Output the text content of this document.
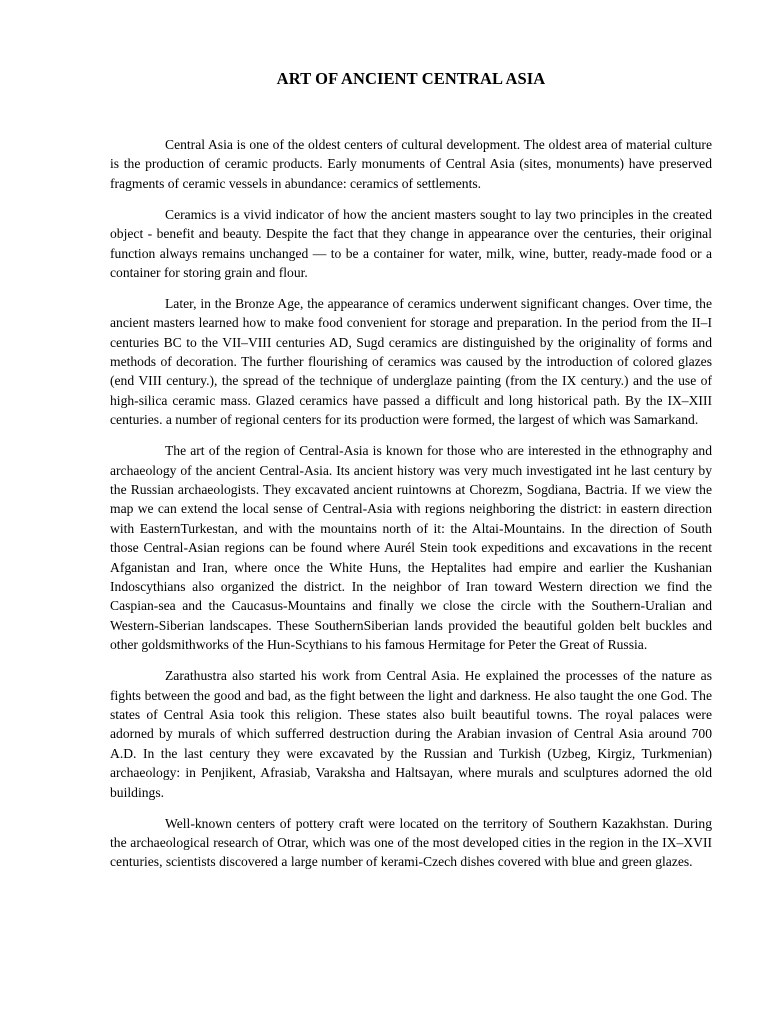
ART OF ANCIENT CENTRAL ASIA

Central Asia is one of the oldest centers of cultural development. The oldest area of material culture is the production of ceramic products. Early monuments of Central Asia (sites, monuments) have preserved fragments of ceramic vessels in abundance: ceramics of settlements.

Ceramics is a vivid indicator of how the ancient masters sought to lay two principles in the created object - benefit and beauty. Despite the fact that they change in appearance over the centuries, their original function always remains unchanged — to be a container for water, milk, wine, butter, ready-made food or a container for storing grain and flour.

Later, in the Bronze Age, the appearance of ceramics underwent significant changes. Over time, the ancient masters learned how to make food convenient for storage and preparation. In the period from the II–I centuries BC to the VII–VIII centuries AD, Sugd ceramics are distinguished by the originality of forms and methods of decoration. The further flourishing of ceramics was caused by the introduction of colored glazes (end VIII century.), the spread of the technique of underglaze painting (from the IX century.) and the use of high-silica ceramic mass. Glazed ceramics have passed a difficult and long historical path. By the IX–XIII centuries. a number of regional centers for its production were formed, the largest of which was Samarkand.

The art of the region of Central-Asia is known for those who are interested in the ethnography and archaeology of the ancient Central-Asia. Its ancient history was very much investigated int he last century by the Russian archaeologists. They excavated ancient ruintowns at Chorezm, Sogdiana, Bactria. If we view the map we can extend the local sense of Central-Asia with regions neighboring the district: in eastern direction with EasternTurkestan, and with the mountains north of it: the Altai-Mountains. In the direction of South those Central-Asian regions can be found where Aurél Stein took expeditions and excavations in the recent Afganistan and Iran, where once the White Huns, the Heptalites had empire and earlier the Kushanian Indoscythians also organized the district. In the neighbor of Iran toward Western direction we find the Caspian-sea and the Caucasus-Mountains and finally we close the circle with the Southern-Uralian and Western-Siberian landscapes. These SouthernSiberian lands provided the beautiful golden belt buckles and other goldsmithworks of the Hun-Scythians to his famous Hermitage for Peter the Great of Russia.

Zarathustra also started his work from Central Asia. He explained the processes of the nature as fights between the good and bad, as the fight between the light and darkness. He also taught the one God. The states of Central Asia took this religion. These states also built beautiful towns. The royal palaces were adorned by murals of which sufferred destruction during the Arabian invasion of Central Asia around 700 A.D. In the last century they were excavated by the Russian and Turkish (Uzbeg, Kirgiz, Turkmenian) archaeology: in Penjikent, Afrasiab, Varaksha and Haltsayan, where murals and sculptures adorned the old buildings.

Well-known centers of pottery craft were located on the territory of Southern Kazakhstan. During the archaeological research of Otrar, which was one of the most developed cities in the region in the IX–XVII centuries, scientists discovered a large number of kerami-Czech dishes covered with blue and green glazes.
